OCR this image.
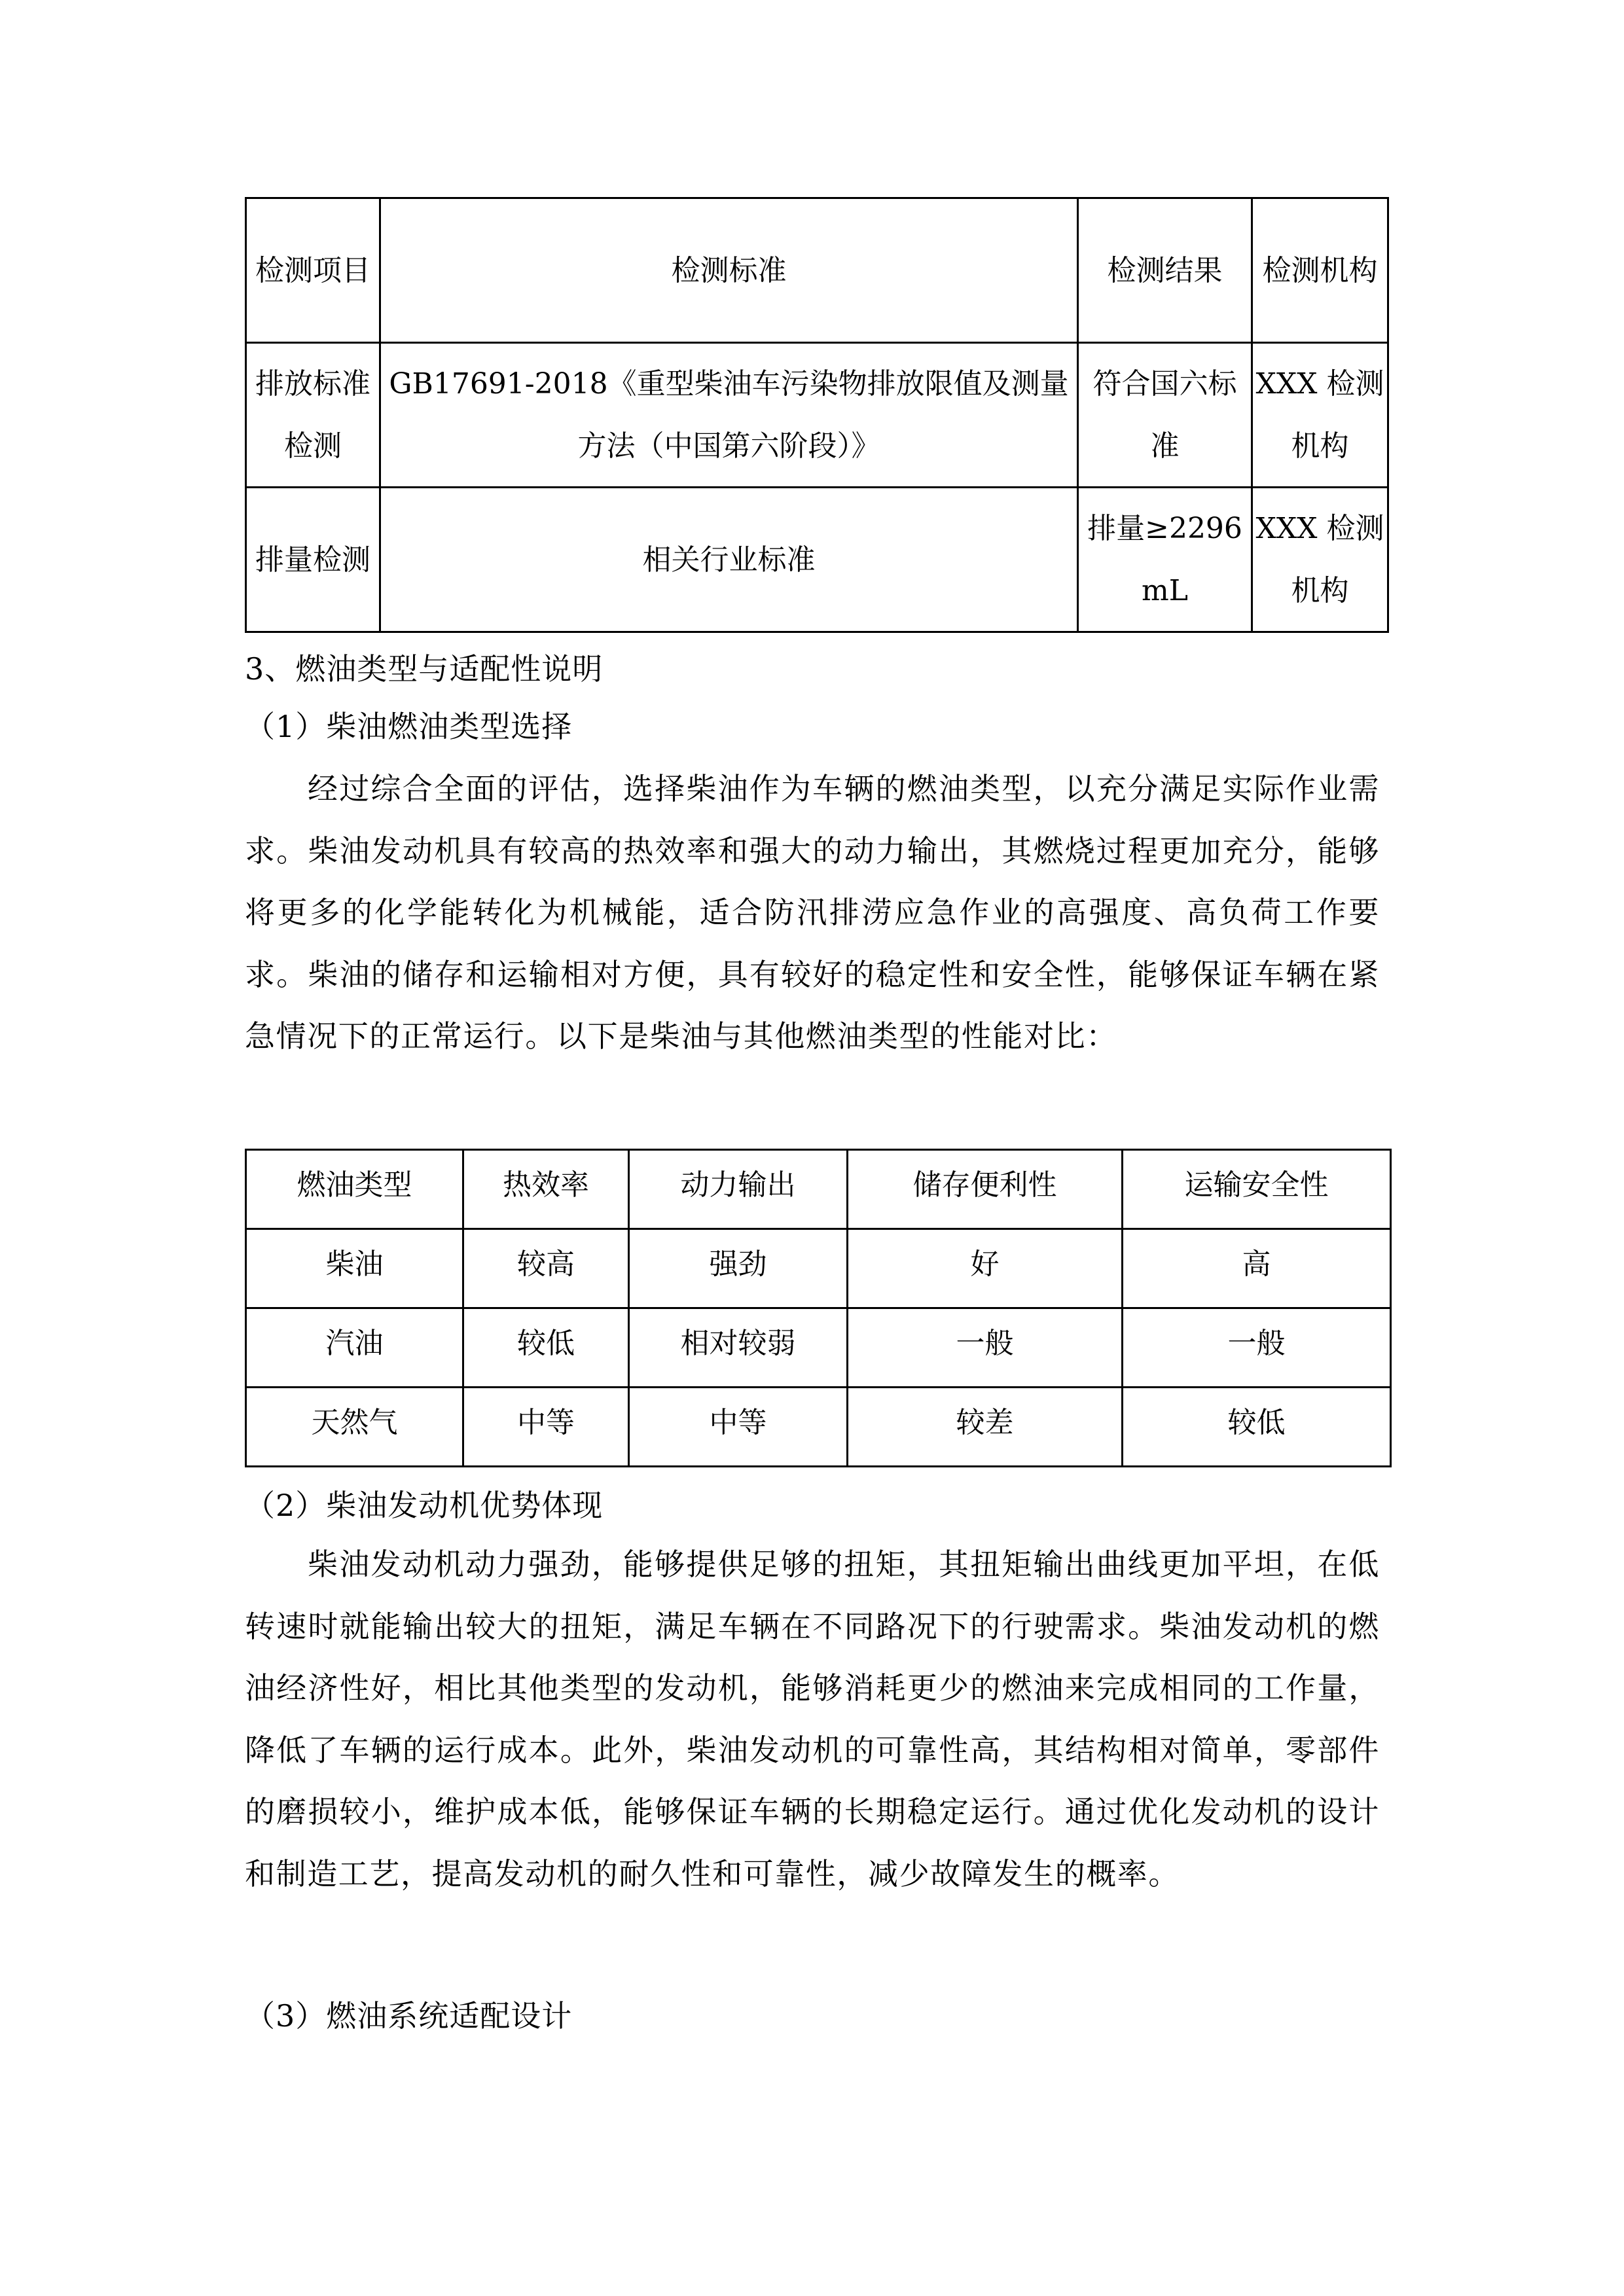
检测项目	检测标准	检测结果	检测机构

排放标准检测	GB17691-2018《重型柴油车污染物排放限值及测量方法（中国第六阶段）》	符合国六标准	XXX 检测机构

排量检测	相关行业标准	排量≥2296mL	XXX 检测机构
3、燃油类型与适配性说明
（1）柴油燃油类型选择
经过综合全面的评估，选择柴油作为车辆的燃油类型，以充分满足实际作业需求。柴油发动机具有较高的热效率和强大的动力输出，其燃烧过程更加充分，能够将更多的化学能转化为机械能，适合防汛排涝应急作业的高强度、高负荷工作要求。柴油的储存和运输相对方便，具有较好的稳定性和安全性，能够保证车辆在紧急情况下的正常运行。以下是柴油与其他燃油类型的性能对比：
燃油类型	热效率	动力输出	储存便利性	运输安全性
柴油	较高	强劲	好	高
汽油	较低	相对较弱	一般	一般
天然气	中等	中等	较差	较低
（2）柴油发动机优势体现
柴油发动机动力强劲，能够提供足够的扭矩，其扭矩输出曲线更加平坦，在低转速时就能输出较大的扭矩，满足车辆在不同路况下的行驶需求。柴油发动机的燃油经济性好，相比其他类型的发动机，能够消耗更少的燃油来完成相同的工作量，降低了车辆的运行成本。此外，柴油发动机的可靠性高，其结构相对简单，零部件的磨损较小，维护成本低，能够保证车辆的长期稳定运行。通过优化发动机的设计和制造工艺，提高发动机的耐久性和可靠性，减少故障发生的概率。
（3）燃油系统适配设计
